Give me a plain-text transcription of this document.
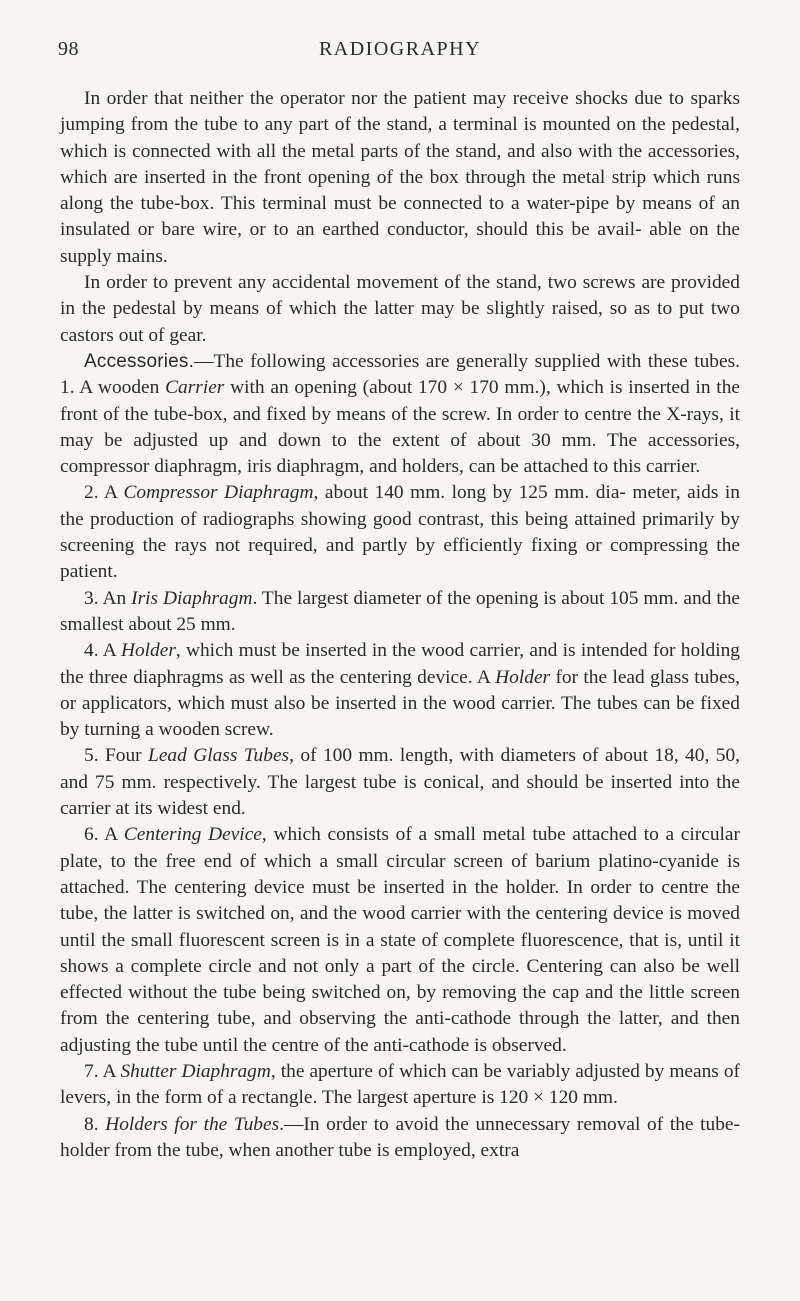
98	RADIOGRAPHY

In order that neither the operator nor the patient may receive shocks due to sparks jumping from the tube to any part of the stand, a terminal is mounted on the pedestal, which is connected with all the metal parts of the stand, and also with the accessories, which are inserted in the front opening of the box through the metal strip which runs along the tube-box. This terminal must be connected to a water-pipe by means of an insulated or bare wire, or to an earthed conductor, should this be avail- able on the supply mains.

In order to prevent any accidental movement of the stand, two screws are provided in the pedestal by means of which the latter may be slightly raised, so as to put two castors out of gear.

Accessories.—The following accessories are generally supplied with these tubes. 1. A wooden Carrier with an opening (about 170 × 170 mm.), which is inserted in the front of the tube-box, and fixed by means of the screw. In order to centre the X-rays, it may be adjusted up and down to the extent of about 30 mm. The accessories, compressor diaphragm, iris diaphragm, and holders, can be attached to this carrier.

2. A Compressor Diaphragm, about 140 mm. long by 125 mm. dia- meter, aids in the production of radiographs showing good contrast, this being attained primarily by screening the rays not required, and partly by efficiently fixing or compressing the patient.

3. An Iris Diaphragm. The largest diameter of the opening is about 105 mm. and the smallest about 25 mm.

4. A Holder, which must be inserted in the wood carrier, and is intended for holding the three diaphragms as well as the centering device. A Holder for the lead glass tubes, or applicators, which must also be inserted in the wood carrier. The tubes can be fixed by turning a wooden screw.

5. Four Lead Glass Tubes, of 100 mm. length, with diameters of about 18, 40, 50, and 75 mm. respectively. The largest tube is conical, and should be inserted into the carrier at its widest end.

6. A Centering Device, which consists of a small metal tube attached to a circular plate, to the free end of which a small circular screen of barium platino-cyanide is attached. The centering device must be inserted in the holder. In order to centre the tube, the latter is switched on, and the wood carrier with the centering device is moved until the small fluorescent screen is in a state of complete fluorescence, that is, until it shows a complete circle and not only a part of the circle. Centering can also be well effected without the tube being switched on, by removing the cap and the little screen from the centering tube, and observing the anti-cathode through the latter, and then adjusting the tube until the centre of the anti-cathode is observed.

7. A Shutter Diaphragm, the aperture of which can be variably adjusted by means of levers, in the form of a rectangle. The largest aperture is 120 × 120 mm.

8. Holders for the Tubes.—In order to avoid the unnecessary removal of the tube-holder from the tube, when another tube is employed, extra
